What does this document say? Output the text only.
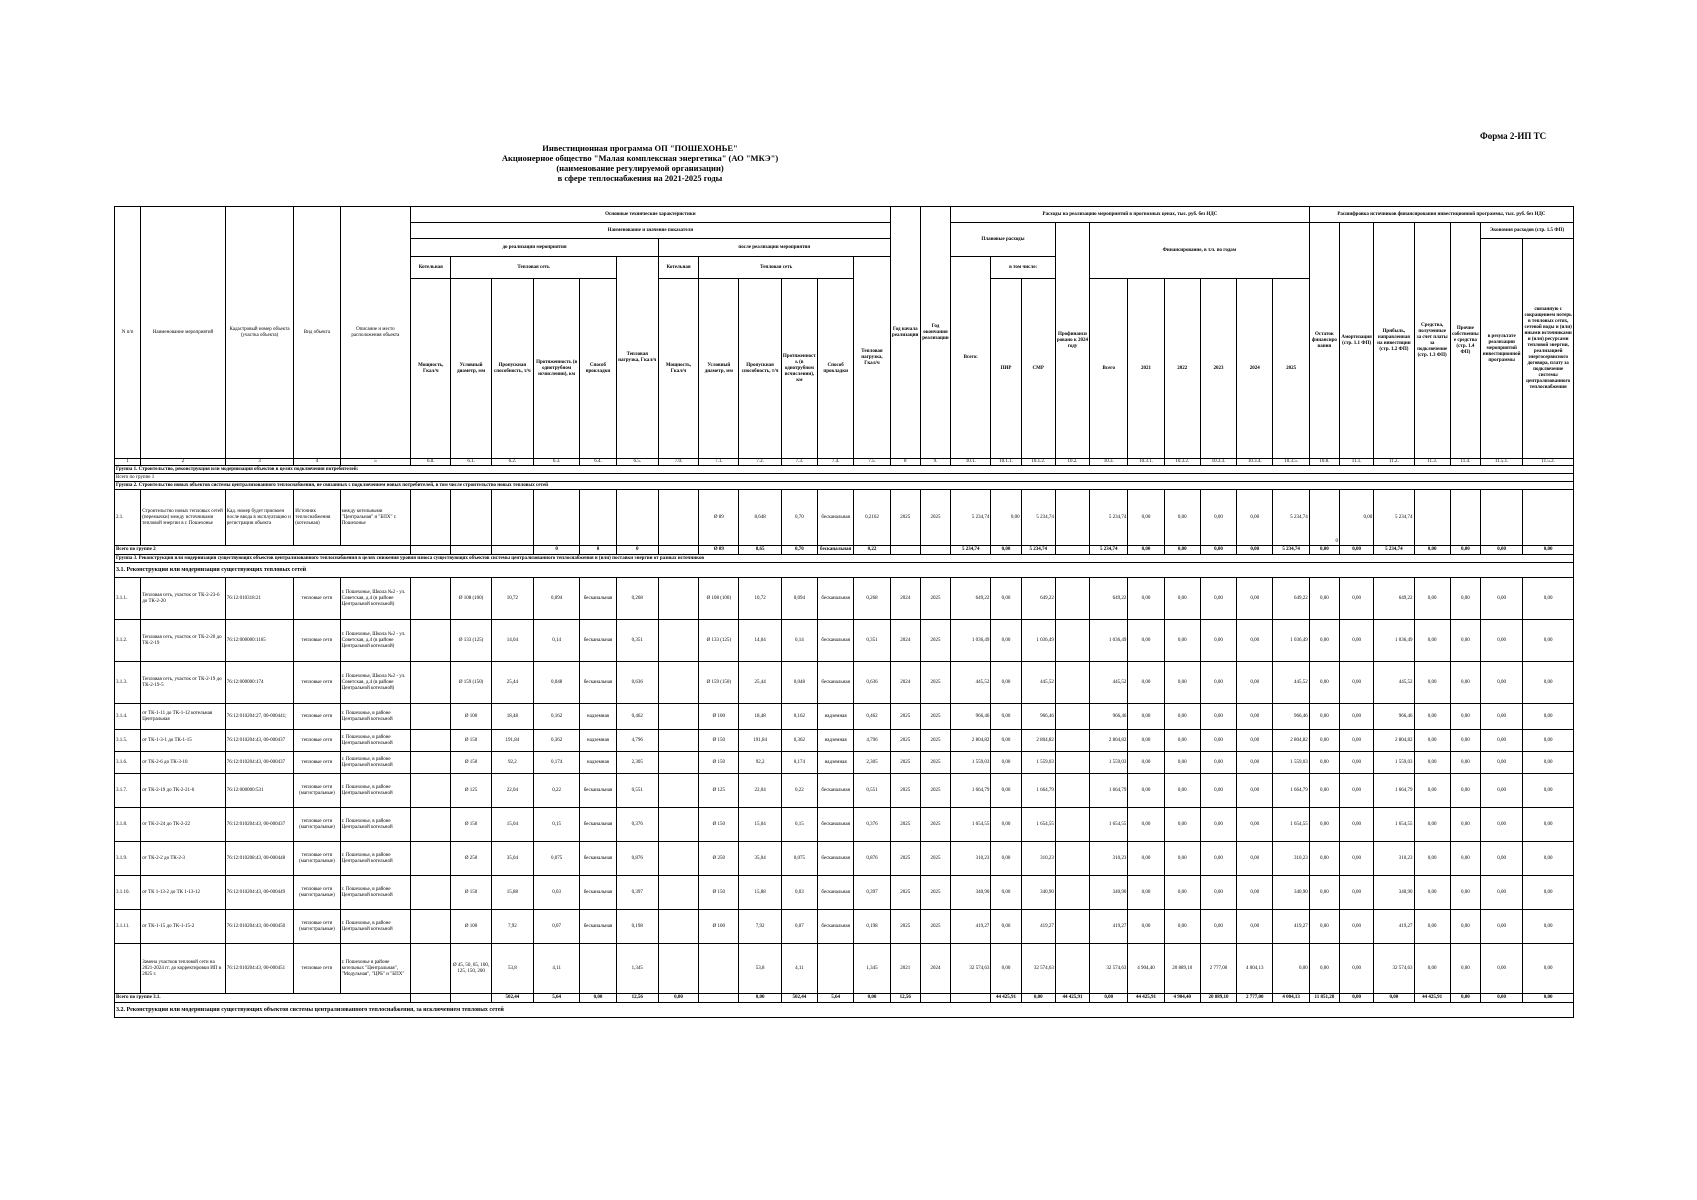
Форма 2-ИП ТС
Инвестиционная программа ОП "ПОШЕХОНЬЕ"
Акционерное общество "Малая комплексная энергетика" (АО "МКЭ")
(наименование регулируемой организации)
в сфере теплоснабжения на 2021-2025 годы
N п/п	Наименование мероприятий	Кадастровый номер объекта (участка объекта)	Вид объекта	Описание и место расположения объекта	Основные технические характеристики												Год начала реализации	Год окончания реализации	Расходы на реализацию мероприятий в прогнозных ценах, тыс. руб. без НДС										Расшифровка источников финансирования инвестиционной программы, тыс. руб. без НДС						
					Наименование и значение показателя														Плановые расходы			Профинансировано к 2024 году	Финансирование, в т.ч. по годам						Остаток финансирования	Амортизация (стр. 1.1 ФП)	Прибыль, направленная на инвестиции (стр. 1.2 ФП)	Средства, полученные за счет платы за подключение (стр. 1.3 ФП)	Прочие собственные средства (стр. 1.4 ФП)	Экономия расходов (стр. 1.5 ФП)	
					до реализации мероприятия						после реализации мероприятия																							в результате реализации мероприятий инвестиционной программы	связанную с сокращением потерь в тепловых сетях, сетевой воды и (или) иными источниками и (или) ресурсами тепловой энергии, реализацией энергосервисного договора, плату за подключение системы централизованного теплоснабжения
					Котельная	Тепловая сеть				Тепловая нагрузка, Гкал/ч	Котельная	Тепловая сеть				Тепловая нагрузка, Гкал/ч			Всего:	в том числе:															
					Мощность, Гкал/ч	Условный диаметр, мм	Пропускная способность, т/ч	Протяженность (в однотрубном исчислении), км	Способ прокладки		Мощность, Гкал/ч	Условный диаметр, мм	Пропускная способность, т/ч	Протяженность (в однотрубном исчислении), км	Способ прокладки					ПИР	СМР		Всего	2021	2022	2023	2024	2025							
1	2	3	4	5	6.0.	6.1.	6.2.	6.3.	6.4.	6.5.	7.0.	7.1.	7.2.	7.3.	7.4.	7.5.	8	9.	10.1.	10.1.1.	10.1.2.	10.2.	10.3.	10.3.1.	10.3.2.	10.3.3.	10.3.4.	10.3.5.	10.8.	11.1.	11.2.	11.3.	11.4.	11.5.1.	11.5.2.
Группа 1. Строительство, реконструкция или модернизация объектов в целях подключения потребителей:																																			
Всего по группе 1																																			
Группа 2. Строительство новых объектов системы централизованного теплоснабжения, не связанных с подключением новых потребителей, в том числе строительство новых тепловых сетей																																			
2.1.	Строительство новых тепловых сетей (перемычки) между источниками тепловой энергии в г. Пошехонье	Кад. номер будет присвоен после ввода в эксплуатацию и регистрации объекта	Источник теплоснабжения (котельная)	между котельными "Центральная" и "БПХ" г. Пошехонье								Ø 89	8,648	0,70	бесканальная	0,2162	2025	2025	5 234,74	0,00	5 234,74		5 234,74	0,00	0,00	0,00	0,00	5 234,74	0	0,00	5 234,74				
Всего по группе 2								0	0	0		Ø 89	8,65	0,70	бесканальная	0,22			5 234,74	0,00	5 234,74		5 234,74	0,00	0,00	0,00	0,00	5 234,74	0,00	0,00	5 234,74	0,00	0,00	0,00	0,00
Группа 3. Реконструкция или модернизация существующих объектов централизованного теплоснабжения в целях снижения уровня износа существующих объектов системы централизованного теплоснабжения и (или) поставки энергии от разных источников																																			
3.1. Реконструкция или модернизация существующих тепловых сетей																																			
3.1.1.	Тепловая сеть, участок от ТК-2-23-6 до ТК-2-20	76:12:010318:21	тепловые сети	г. Пошехонье, Школа №2 - ул. Советская, д.4 (в районе Центральной котельной)		Ø 108 (100)	10,72	0,094	бесканальная	0,268		Ø 108 (100)	10,72	0,094	бесканальная	0,268	2024	2025	649,22	0,00	649,22		649,22	0,00	0,00	0,00	0,00	649,22	0,00	0,00	649,22	0,00	0,00	0,00	0,00
3.1.2.	Тепловая сеть, участок от ТК-2-20 до ТК-2-19	76:12:000000:1165	тепловые сети	г. Пошехонье, Школа №2 - ул. Советская, д.4 (в районе Центральной котельной)		Ø 133 (125)	14,04	0,14	бесканальная	0,351		Ø 133 (125)	14,04	0,14	бесканальная	0,351	2024	2025	1 036,49	0,00	1 036,49		1 036,49	0,00	0,00	0,00	0,00	1 036,49	0,00	0,00	1 036,49	0,00	0,00	0,00	0,00
3.1.3.	Тепловая сеть, участок от ТК-2-19 до ТК-2-19-5	76:12:000000:174	тепловые сети	г. Пошехонье, Школа №2 - ул. Советская, д.4 (в районе Центральной котельной)		Ø 159 (150)	25,44	0,048	бесканальная	0,636		Ø 159 (150)	25,44	0,048	бесканальная	0,636	2024	2025	445,52	0,00	445,52		445,52	0,00	0,00	0,00	0,00	445,52	0,00	0,00	445,52	0,00	0,00	0,00	0,00
3.1.4.	от ТК-1-11 до ТК-1-12 котельная Центральная	76:12:010204:27, 00-000441;	тепловые сети	г. Пошехонье, в районе Центральной котельной		Ø 100	18,48	0,162	надземная	0,462		Ø 100	18,48	0,162	надземная	0,462	2025	2025	966,46	0,00	966,46		966,46	0,00	0,00	0,00	0,00	966,46	0,00	0,00	966,46	0,00	0,00	0,00	0,00
3.1.5.	от ТК-1-3-1 до ТК-1-15	76:12:010204:43, 00-000437	тепловые сети	г. Пошехонье, в районе Центральной котельной		Ø 150	191,84	0,362	надземная	4,796		Ø 150	191,84	0,362	надземная	4,796	2025	2025	2 804,82	0,00	2 804,82		2 804,82	0,00	0,00	0,00	0,00	2 804,82	0,00	0,00	2 804,82	0,00	0,00	0,00	0,00
3.1.6.	от ТК-2-6 до ТК-3-10	76:12:010204:43, 00-000437	тепловые сети	г. Пошехонье, в районе Центральной котельной		Ø 150	92,2	0,174	надземная	2,305		Ø 150	92,2	0,174	надземная	2,305	2025	2025	1 559,03	0,00	1 559,03		1 559,03	0,00	0,00	0,00	0,00	1 559,03	0,00	0,00	1 559,03	0,00	0,00	0,00	0,00
3.1.7.	от ТК-2-19 до ТК-2-21-6	76:12:000000:531	тепловые сети (магистральные)	г. Пошехонье, в районе Центральной котельной		Ø 125	22,04	0,22	бесканальная	0,551		Ø 125	22,04	0,22	бесканальная	0,551	2025	2025	1 664,79	0,00	1 664,79		1 664,79	0,00	0,00	0,00	0,00	1 664,79	0,00	0,00	1 664,79	0,00	0,00	0,00	0,00
3.1.8.	от ТК-2-24 до ТК-2-22	76:12:010204:43, 00-000437	тепловые сети (магистральные)	г. Пошехонье, в районе Центральной котельной		Ø 150	15,04	0,15	бесканальная	0,376		Ø 150	15,04	0,15	бесканальная	0,376	2025	2025	1 654,55	0,00	1 654,55		1 654,55	0,00	0,00	0,00	0,00	1 654,55	0,00	0,00	1 654,55	0,00	0,00	0,00	0,00
3.1.9.	от ТК-2-2 до ТК-2-3	76:12:010208:43, 00-000448	тепловые сети (магистральные)	г. Пошехонье, в районе Центральной котельной		Ø 250	35,04	0,075	бесканальная	0,876		Ø 250	35,04	0,075	бесканальная	0,876	2025	2025	310,23	0,00	310,23		310,23	0,00	0,00	0,00	0,00	310,23	0,00	0,00	310,23	0,00	0,00	0,00	0,00
3.1.10.	от ТК 1-13-2 до ТК 1-13-12	76:12:010204:43, 00-000449	тепловые сети (магистральные)	г. Пошехонье, в районе Центральной котельной		Ø 150	15,88	0,03	бесканальная	0,397		Ø 150	15,88	0,03	бесканальная	0,397	2025	2025	340,90	0,00	340,90		340,90	0,00	0,00	0,00	0,00	340,90	0,00	0,00	340,90	0,00	0,00	0,00	0,00
3.1.11.	от ТК-1-15 до ТК-1-15-2	76:12:010204:43, 00-000450	тепловые сети (магистральные)	г. Пошехонье, в районе Центральной котельной		Ø 100	7,92	0,07	бесканальная	0,198		Ø 100	7,92	0,07	бесканальная	0,198	2025	2025	419,27	0,00	419,27		419,27	0,00	0,00	0,00	0,00	419,27	0,00	0,00	419,27	0,00	0,00	0,00	0,00
	Замена участков тепловой сети на 2021-2024 гг. до корректировки ИП в 2025 г.	76:12:010204:43, 00-000451	тепловые сети	г. Пошехонье в районе котельных "Центральная", "Модульная", "ЦРБ" и "БПХ"		Ø 45, 50, 65, 100, 125, 150, 200	53,8	4,11		1,345			53,8	4,11		1,345	2021	2024	32 574,63	0,00	32 574,63		32 574,63	4 904,40	20 889,10	2 777,00	4 004,13	0,00	0,00	0,00	32 574,63	0,00	0,00	0,00	0,00
Всего по группе 3.1.							502,44	5,64	0,00	12,56	0,00		0,00	502,44	5,64	0,00	12,56			44 425,91	0,00	44 425,91	0,00	44 425,91	4 904,40	20 889,10	2 777,00	4 004,13	11 851,28	0,00	0,00	44 425,91	0,00	0,00	0,00
3.2. Реконструкция или модернизация существующих объектов системы централизованного теплоснабжения, за исключением тепловых сетей																																			
